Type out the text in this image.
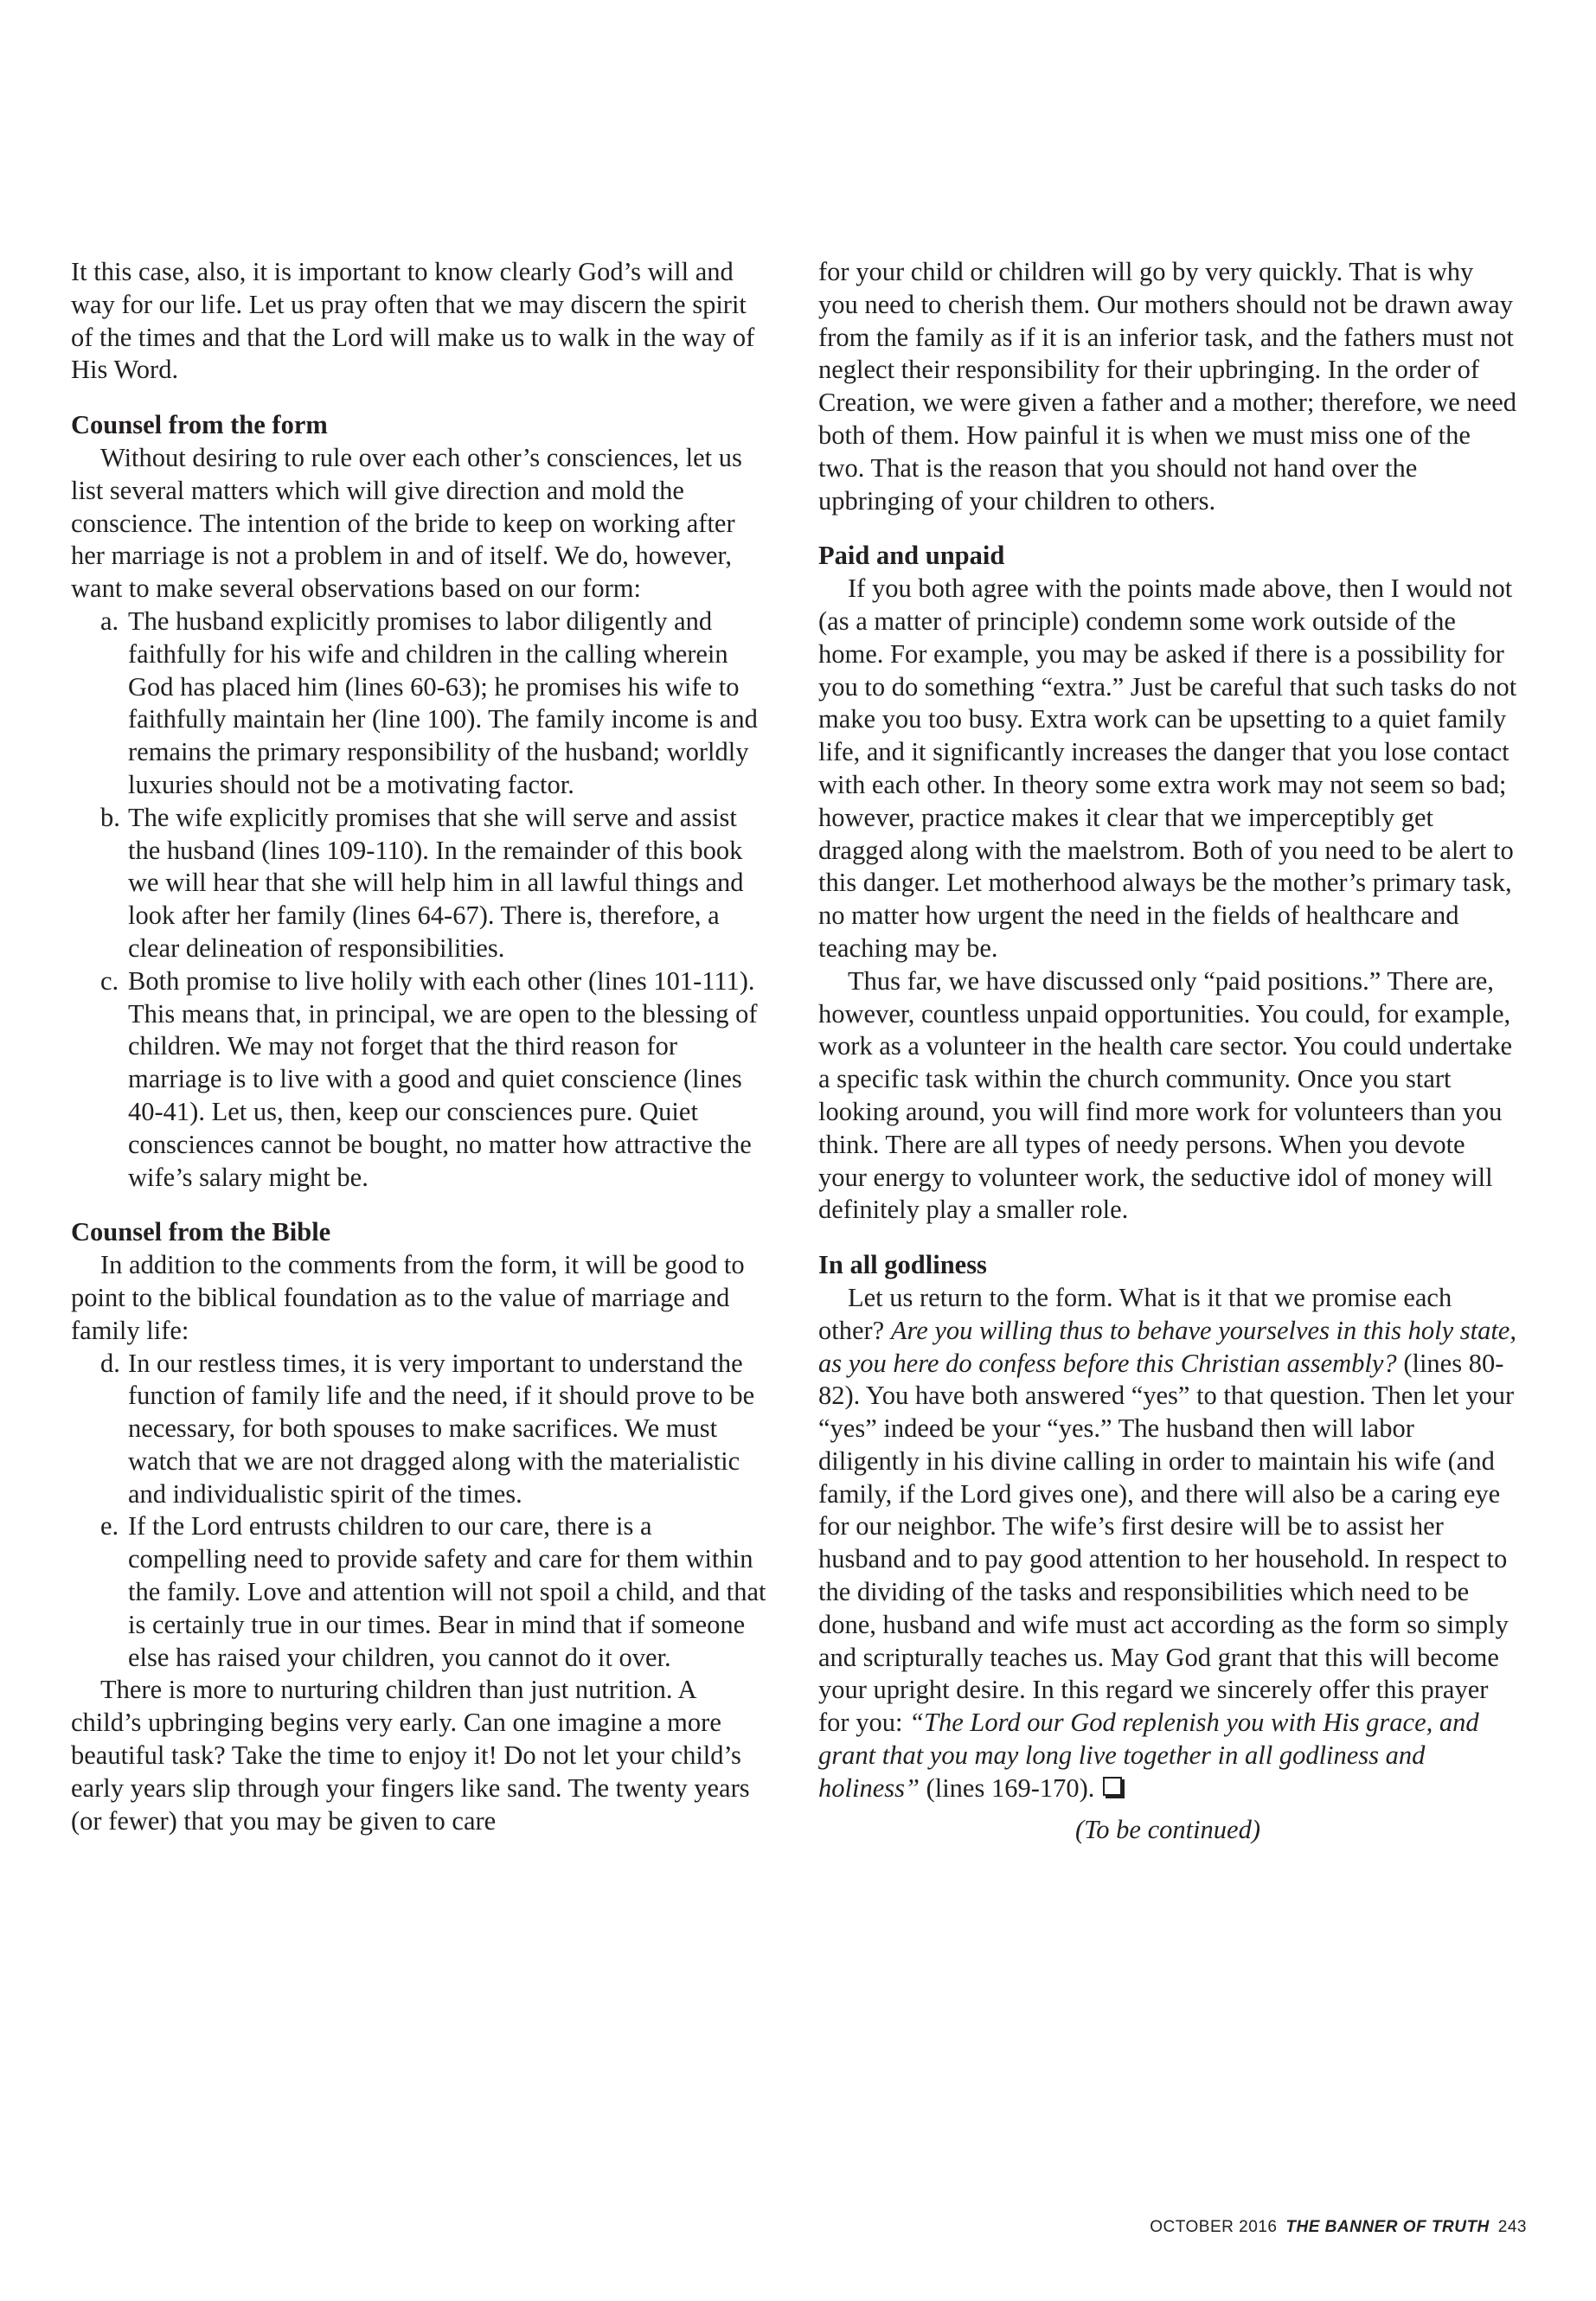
It this case, also, it is important to know clearly God’s will and way for our life. Let us pray often that we may discern the spirit of the times and that the Lord will make us to walk in the way of His Word.

Counsel from the form

Without desiring to rule over each other’s consciences, let us list several matters which will give direction and mold the conscience. The intention of the bride to keep on working after her marriage is not a problem in and of itself. We do, however, want to make several observations based on our form:

a. The husband explicitly promises to labor diligently and faithfully for his wife and children in the calling wherein God has placed him (lines 60-63); he promises his wife to faithfully maintain her (line 100). The family income is and remains the primary responsibility of the husband; worldly luxuries should not be a motivating factor.
b. The wife explicitly promises that she will serve and assist the husband (lines 109-110). In the remainder of this book we will hear that she will help him in all lawful things and look after her family (lines 64-67). There is, therefore, a clear delineation of responsibilities.
c. Both promise to live holily with each other (lines 101-111). This means that, in principal, we are open to the blessing of children. We may not forget that the third reason for marriage is to live with a good and quiet conscience (lines 40-41). Let us, then, keep our consciences pure. Quiet consciences cannot be bought, no matter how attractive the wife’s salary might be.
Counsel from the Bible

In addition to the comments from the form, it will be good to point to the biblical foundation as to the value of marriage and family life:

d. In our restless times, it is very important to understand the function of family life and the need, if it should prove to be necessary, for both spouses to make sacrifices. We must watch that we are not dragged along with the materialistic and individualistic spirit of the times.
e. If the Lord entrusts children to our care, there is a compelling need to provide safety and care for them within the family. Love and attention will not spoil a child, and that is certainly true in our times. Bear in mind that if someone else has raised your children, you cannot do it over.

There is more to nurturing children than just nutrition. A child’s upbringing begins very early. Can one imagine a more beautiful task? Take the time to enjoy it! Do not let your child’s early years slip through your fingers like sand. The twenty years (or fewer) that you may be given to care

for your child or children will go by very quickly. That is why you need to cherish them. Our mothers should not be drawn away from the family as if it is an inferior task, and the fathers must not neglect their responsibility for their upbringing. In the order of Creation, we were given a father and a mother; therefore, we need both of them. How painful it is when we must miss one of the two. That is the reason that you should not hand over the upbringing of your children to others.

Paid and unpaid

If you both agree with the points made above, then I would not (as a matter of principle) condemn some work outside of the home. For example, you may be asked if there is a possibility for you to do something “extra.” Just be careful that such tasks do not make you too busy. Extra work can be upsetting to a quiet family life, and it significantly increases the danger that you lose contact with each other. In theory some extra work may not seem so bad; however, practice makes it clear that we imperceptibly get dragged along with the maelstrom. Both of you need to be alert to this danger. Let motherhood always be the mother’s primary task, no matter how urgent the need in the fields of healthcare and teaching may be.

Thus far, we have discussed only “paid positions.” There are, however, countless unpaid opportunities. You could, for example, work as a volunteer in the health care sector. You could undertake a specific task within the church community. Once you start looking around, you will find more work for volunteers than you think. There are all types of needy persons. When you devote your energy to volunteer work, the seductive idol of money will definitely play a smaller role.

In all godliness

Let us return to the form. What is it that we promise each other? Are you willing thus to behave yourselves in this holy state, as you here do confess before this Christian assembly? (lines 80-82). You have both answered “yes” to that question. Then let your “yes” indeed be your “yes.” The husband then will labor diligently in his divine calling in order to maintain his wife (and family, if the Lord gives one), and there will also be a caring eye for our neighbor. The wife’s first desire will be to assist her husband and to pay good attention to her household. In respect to the dividing of the tasks and responsibilities which need to be done, husband and wife must act according as the form so simply and scripturally teaches us. May God grant that this will become your upright desire. In this regard we sincerely offer this prayer for you: “The Lord our God replenish you with His grace, and grant that you may long live together in all godliness and holiness” (lines 169-170).

(To be continued)

OCTOBER 2016 THE BANNER OF TRUTH 243
